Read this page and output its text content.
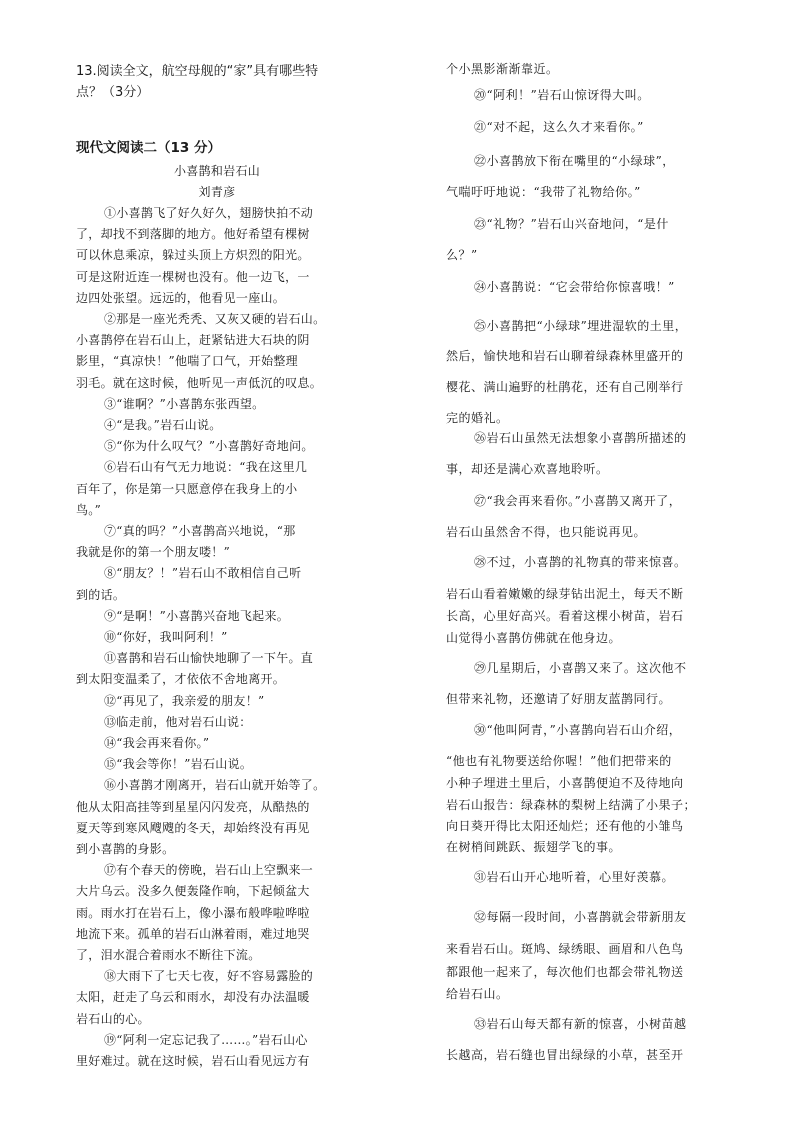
13.阅读全文，航空母舰的“家”具有哪些特
点？（3分）
现代文阅读二（13 分）
小喜鹊和岩石山
刘青彦
①小喜鹊飞了好久好久，翅膀快拍不动
了，却找不到落脚的地方。他好希望有棵树
可以休息乘凉，躲过头顶上方炽烈的阳光。
可是这附近连一棵树也没有。他一边飞，一
边四处张望。远远的，他看见一座山。
②那是一座光秃秃、又灰又硬的岩石山。
小喜鹊停在岩石山上，赶紧钻进大石块的阴
影里，“真凉快！”他喘了口气，开始整理
羽毛。就在这时候，他听见一声低沉的叹息。
③“谁啊？”小喜鹊东张西望。
④“是我。”岩石山说。
⑤“你为什么叹气？”小喜鹊好奇地问。
⑥岩石山有气无力地说：“我在这里几
百年了，你是第一只愿意停在我身上的小
鸟。”
⑦“真的吗？”小喜鹊高兴地说，“那
我就是你的第一个朋友喽！”
⑧“朋友？！”岩石山不敢相信自己听
到的话。
⑨“是啊！”小喜鹊兴奋地飞起来。
⑩“你好，我叫阿利！”
⑪喜鹊和岩石山愉快地聊了一下午。直
到太阳变温柔了，才依依不舍地离开。
⑫“再见了，我亲爱的朋友！”
⑬临走前，他对岩石山说：
⑭“我会再来看你。”
⑮“我会等你！”岩石山说。
⑯小喜鹊才刚离开，岩石山就开始等了。
他从太阳高挂等到星星闪闪发亮，从酷热的
夏天等到寒风飕飕的冬天，却始终没有再见
到小喜鹊的身影。
⑰有个春天的傍晚，岩石山上空飘来一
大片乌云。没多久便轰隆作响，下起倾盆大
雨。雨水打在岩石上，像小瀑布般哗啦哗啦
地流下来。孤单的岩石山淋着雨，难过地哭
了，泪水混合着雨水不断往下流。
⑱大雨下了七天七夜，好不容易露脸的
太阳，赶走了乌云和雨水，却没有办法温暖
岩石山的心。
⑲“阿利一定忘记我了……。”岩石山心
里好难过。就在这时候，岩石山看见远方有
个小黑影渐渐靠近。
⑳“阿利！”岩石山惊讶得大叫。
㉑“对不起，这么久才来看你。”
㉒小喜鹊放下衔在嘴里的“小绿球”，
气喘吁吁地说：“我带了礼物给你。”
㉓“礼物？”岩石山兴奋地问，“是什
么？”
㉔小喜鹊说：“它会带给你惊喜哦！”
㉕小喜鹊把“小绿球”埋进湿软的土里，
然后，愉快地和岩石山聊着绿森林里盛开的
樱花、满山遍野的杜鹃花，还有自己刚举行
完的婚礼。
㉖岩石山虽然无法想象小喜鹊所描述的
事，却还是满心欢喜地聆听。
㉗“我会再来看你。”小喜鹊又离开了，
岩石山虽然舍不得，也只能说再见。
㉘不过，小喜鹊的礼物真的带来惊喜。
岩石山看着嫩嫩的绿芽钻出泥土，每天不断
长高，心里好高兴。看着这棵小树苗，岩石
山觉得小喜鹊仿佛就在他身边。
㉙几星期后，小喜鹊又来了。这次他不
但带来礼物，还邀请了好朋友蓝鹊同行。
㉚“他叫阿青，”小喜鹊向岩石山介绍，
“他也有礼物要送给你喔！”他们把带来的
小种子埋进土里后，小喜鹊便迫不及待地向
岩石山报告：绿森林的梨树上结满了小果子；
向日葵开得比太阳还灿烂；还有他的小雏鸟
在树梢间跳跃、振翅学飞的事。
㉛岩石山开心地听着，心里好羡慕。
㉜每隔一段时间，小喜鹊就会带新朋友
来看岩石山。斑鸠、绿绣眼、画眉和八色鸟
都跟他一起来了，每次他们也都会带礼物送
给岩石山。
㉝岩石山每天都有新的惊喜，小树苗越
长越高，岩石缝也冒出绿绿的小草，甚至开
